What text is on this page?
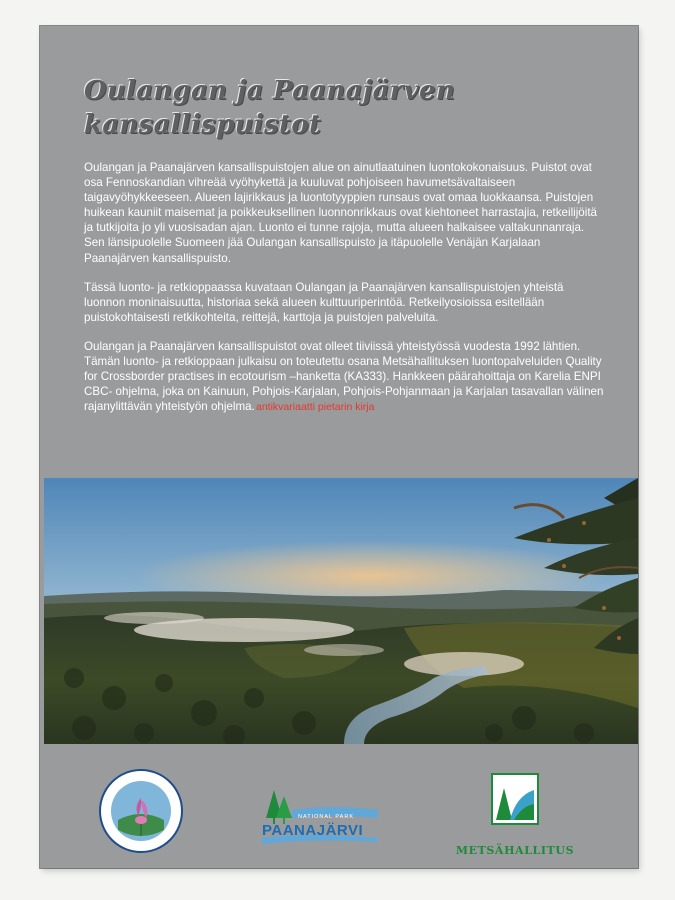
Oulangan ja Paanajärven
kansallispuistot

Oulangan ja Paanajärven kansallispuistojen alue on ainutlaatuinen luontokokonaisuus. Puistot ovat osa Fennoskandian vihreää vyöhykettä ja kuuluvat pohjoiseen havumetsävaltaiseen taigavyöhykkeeseen. Alueen lajirikkaus ja luontotyyppien runsaus ovat omaa luokkaansa. Puistojen huikean kauniit maisemat ja poikkeuksellinen luonnonrikkaus ovat kiehtoneet harrastajia, retkeilijöitä ja tutkijoita jo yli vuosisadan ajan. Luonto ei tunne rajoja, mutta alueen halkaisee valtakunnanraja. Sen länsipuolelle Suomeen jää Oulangan kansallispuisto ja itäpuolelle Venäjän Karjalaan Paanajärven kansallispuisto.

Tässä luonto- ja retkioppaassa kuvataan Oulangan ja Paanajärven kansallispuistojen yhteistä luonnon moninaisuutta, historiaa sekä alueen kulttuuriperintöä. Retkeilyosioissa esitellään puistokohtaisesti retkikohteita, reittejä, karttoja ja puistojen palveluita.

Oulangan ja Paanajärven kansallispuistot ovat olleet tiiviissä yhteistyössä vuodesta 1992 lähtien. Tämän luonto- ja retkioppaan julkaisu on toteutettu osana Metsähallituksen luontopalveluiden Quality for Crossborder practises in ecotourism –hanketta (KA333). Hankkeen päärahoittaja on Karelia ENPI CBC- ohjelma, joka on Kainuun, Pohjois-Karjalan, Pohjois-Pohjanmaan ja Karjalan tasavallan välinen rajanylittävän yhteistyön ohjelma. antikvariaatti pietarin kirja
NATIONAL PARK
PAANAJÄRVI
METSÄHALLITUS
